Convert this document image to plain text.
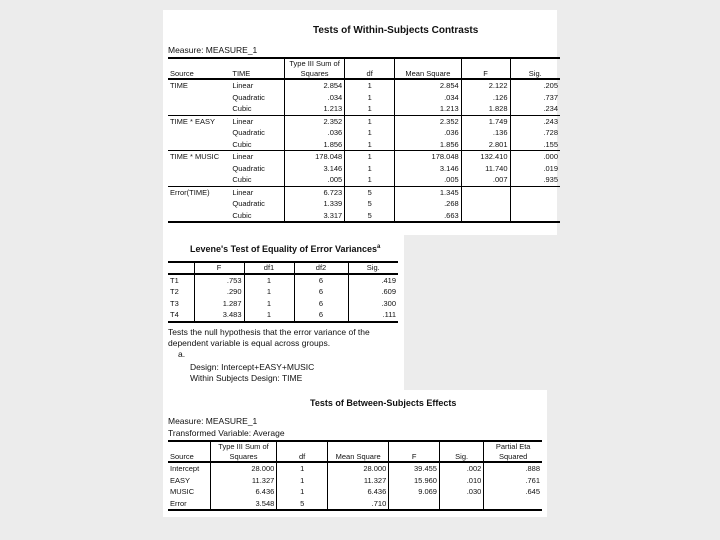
Tests of Within-Subjects Contrasts
Measure: MEASURE_1
Source	TIME	Type III Sum of Squares	df	Mean Square	F	Sig.
TIME	Linear	2.854	1	2.854	2.122	.205
	Quadratic	.034	1	.034	.126	.737
	Cubic	1.213	1	1.213	1.828	.234
TIME * EASY	Linear	2.352	1	2.352	1.749	.243
	Quadratic	.036	1	.036	.136	.728
	Cubic	1.856	1	1.856	2.801	.155
TIME * MUSIC	Linear	178.048	1	178.048	132.410	.000
	Quadratic	3.146	1	3.146	11.740	.019
	Cubic	.005	1	.005	.007	.935
Error(TIME)	Linear	6.723	5	1.345		
	Quadratic	1.339	5	.268		
	Cubic	3.317	5	.663		
Levene's Test of Equality of Error Variances$^a$
	F	df1	df2	Sig.
T1	.753	1	6	.419
T2	.290	1	6	.609
T3	1.287	1	6	.300
T4	3.483	1	6	.111
Tests the null hypothesis that the error variance of the
dependent variable is equal across groups.
a.
Design: Intercept+EASY+MUSIC
Within Subjects Design: TIME
Tests of Between-Subjects Effects
Measure: MEASURE_1
Transformed Variable: Average
Source	Type III Sum of Squares	df	Mean Square	F	Sig.	Partial Eta Squared
Intercept	28.000	1	28.000	39.455	.002	.888
EASY	11.327	1	11.327	15.960	.010	.761
MUSIC	6.436	1	6.436	9.069	.030	.645
Error	3.548	5	.710			
